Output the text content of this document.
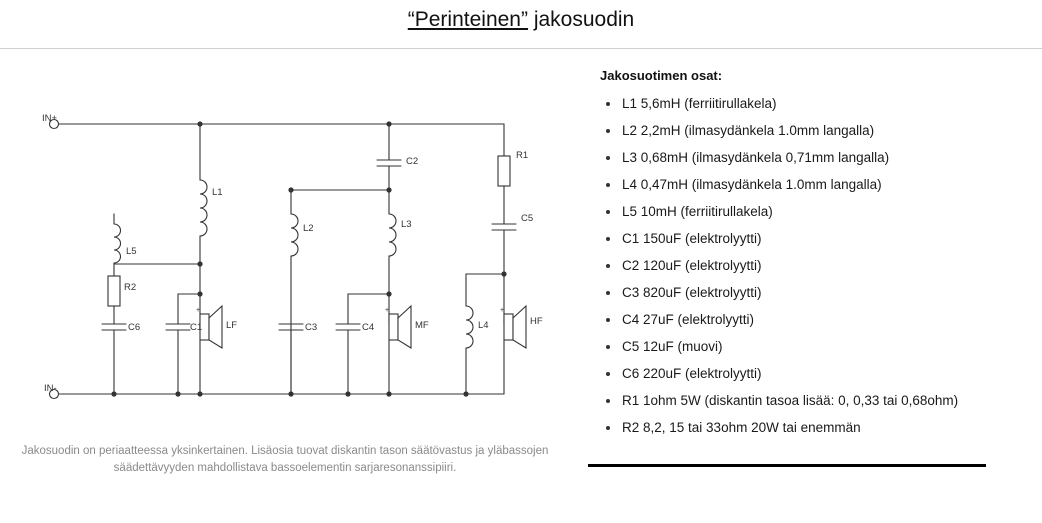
“Perinteinen” jakosuodin
IN+
IN-
L1
L2	L3
L4
L5
R1
R2
C1
C2
C3	C4
C5
C6	LF	MF	HF
+	+	+
Jakosuodin on periaatteessa yksinkertainen. Lisäosia tuovat diskantin tason säätövastus ja yläbassojen säädettävyyden mahdollistava bassoelementin sarjaresonanssipiiri.
Jakosuotimen osat:
L1 5,6mH (ferriitirullakela)
L2 2,2mH (ilmasydänkela 1.0mm langalla)
L3 0,68mH (ilmasydänkela 0,71mm langalla)
L4 0,47mH (ilmasydänkela 1.0mm langalla)
L5 10mH (ferriitirullakela)
C1 150uF (elektrolyytti)
C2 120uF (elektrolyytti)
C3 820uF (elektrolyytti)
C4 27uF (elektrolyytti)
C5 12uF (muovi)
C6 220uF (elektrolyytti)
R1 1ohm 5W (diskantin tasoa lisää: 0, 0,33 tai 0,68ohm)
R2 8,2, 15 tai 33ohm 20W tai enemmän
